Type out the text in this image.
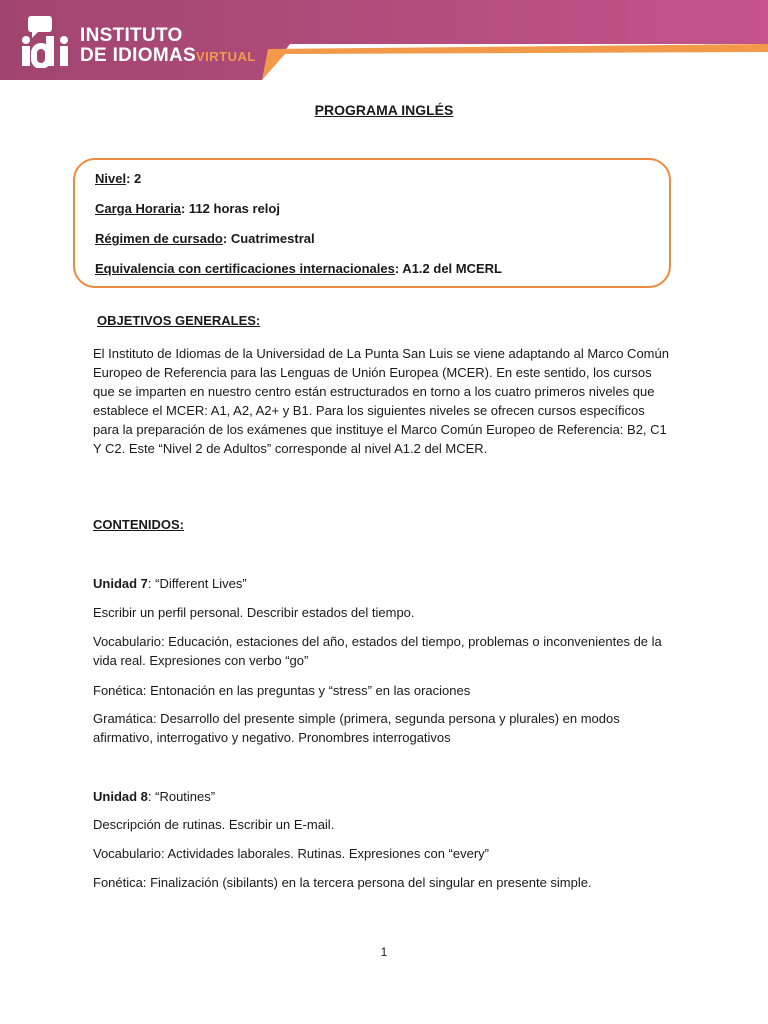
INSTITUTO
DE IDIOMASVIRTUAL
PROGRAMA INGLÉS
Nivel: 2
Carga Horaria: 112 horas reloj
Régimen de cursado: Cuatrimestral
Equivalencia con certificaciones internacionales: A1.2 del MCERL
OBJETIVOS GENERALES:

El Instituto de Idiomas de la Universidad de La Punta San Luis se viene adaptando al Marco Común Europeo de Referencia para las Lenguas de Unión Europea (MCER). En este sentido, los cursos que se imparten en nuestro centro están estructurados en torno a los cuatro primeros niveles que establece el MCER: A1, A2, A2+ y B1. Para los siguientes niveles se ofrecen cursos específicos para la preparación de los exámenes que instituye el Marco Común Europeo de Referencia: B2, C1 Y C2. Este “Nivel 2 de Adultos” corresponde al nivel A1.2 del MCER.

CONTENIDOS:

Unidad 7: “Different Lives”

Escribir un perfil personal. Describir estados del tiempo.

Vocabulario: Educación, estaciones del año, estados del tiempo, problemas o inconvenientes de la vida real. Expresiones con verbo “go”

Fonética: Entonación en las preguntas y “stress” en las oraciones

Gramática: Desarrollo del presente simple (primera, segunda persona y plurales) en modos afirmativo, interrogativo y negativo. Pronombres interrogativos

Unidad 8: “Routines”

Descripción de rutinas. Escribir un E-mail.

Vocabulario: Actividades laborales. Rutinas. Expresiones con “every”

Fonética: Finalización (sibilants) en la tercera persona del singular en presente simple.

1
